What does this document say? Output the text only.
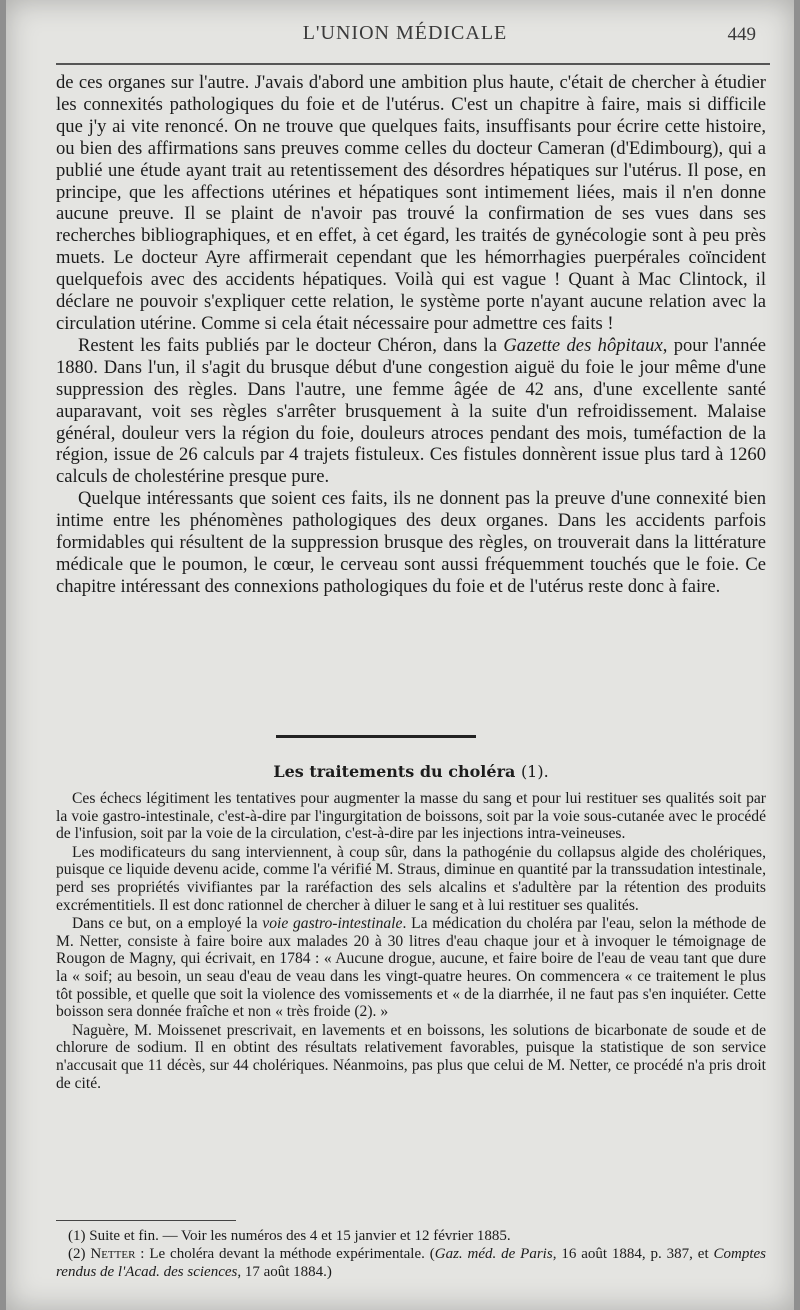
L'UNION MÉDICALE	449

de ces organes sur l'autre. J'avais d'abord une ambition plus haute, c'était de chercher à étudier les connexités pathologiques du foie et de l'utérus. C'est un chapitre à faire, mais si difficile que j'y ai vite renoncé. On ne trouve que quelques faits, insuffisants pour écrire cette histoire, ou bien des affirmations sans preuves comme celles du docteur Cameran (d'Edimbourg), qui a publié une étude ayant trait au retentissement des désordres hépatiques sur l'utérus. Il pose, en principe, que les affections utérines et hépatiques sont intimement liées, mais il n'en donne aucune preuve. Il se plaint de n'avoir pas trouvé la confirmation de ses vues dans ses recherches bibliographiques, et en effet, à cet égard, les traités de gynécologie sont à peu près muets. Le docteur Ayre affirmerait cependant que les hémorrhagies puerpérales coïncident quelquefois avec des accidents hépatiques. Voilà qui est vague ! Quant à Mac Clintock, il déclare ne pouvoir s'expliquer cette relation, le système porte n'ayant aucune relation avec la circulation utérine. Comme si cela était nécessaire pour admettre ces faits !

Restent les faits publiés par le docteur Chéron, dans la Gazette des hôpitaux, pour l'année 1880. Dans l'un, il s'agit du brusque début d'une congestion aiguë du foie le jour même d'une suppression des règles. Dans l'autre, une femme âgée de 42 ans, d'une excellente santé auparavant, voit ses règles s'arrêter brusquement à la suite d'un refroidissement. Malaise général, douleur vers la région du foie, douleurs atroces pendant des mois, tuméfaction de la région, issue de 26 calculs par 4 trajets fistuleux. Ces fistules donnèrent issue plus tard à 1260 calculs de cholestérine presque pure.

Quelque intéressants que soient ces faits, ils ne donnent pas la preuve d'une connexité bien intime entre les phénomènes pathologiques des deux organes. Dans les accidents parfois formidables qui résultent de la suppression brusque des règles, on trouverait dans la littérature médicale que le poumon, le cœur, le cerveau sont aussi fréquemment touchés que le foie. Ce chapitre intéressant des connexions pathologiques du foie et de l'utérus reste donc à faire.

Les traitements du choléra (1).

Ces échecs légitiment les tentatives pour augmenter la masse du sang et pour lui restituer ses qualités soit par la voie gastro-intestinale, c'est-à-dire par l'ingurgitation de boissons, soit par la voie sous-cutanée avec le procédé de l'infusion, soit par la voie de la circulation, c'est-à-dire par les injections intra-veineuses.

Les modificateurs du sang interviennent, à coup sûr, dans la pathogénie du collapsus algide des cholériques, puisque ce liquide devenu acide, comme l'a vérifié M. Straus, diminue en quantité par la transsudation intestinale, perd ses propriétés vivifiantes par la raréfaction des sels alcalins et s'adultère par la rétention des produits excrémentitiels. Il est donc rationnel de chercher à diluer le sang et à lui restituer ses qualités.

Dans ce but, on a employé la voie gastro-intestinale. La médication du choléra par l'eau, selon la méthode de M. Netter, consiste à faire boire aux malades 20 à 30 litres d'eau chaque jour et à invoquer le témoignage de Rougon de Magny, qui écrivait, en 1784 : « Aucune drogue, aucune, et faire boire de l'eau de veau tant que dure la « soif; au besoin, un seau d'eau de veau dans les vingt-quatre heures. On commencera « ce traitement le plus tôt possible, et quelle que soit la violence des vomissements et « de la diarrhée, il ne faut pas s'en inquiéter. Cette boisson sera donnée fraîche et non « très froide (2). »

Naguère, M. Moissenet prescrivait, en lavements et en boissons, les solutions de bicarbonate de soude et de chlorure de sodium. Il en obtint des résultats relativement favorables, puisque la statistique de son service n'accusait que 11 décès, sur 44 cholériques. Néanmoins, pas plus que celui de M. Netter, ce procédé n'a pris droit de cité.

(1) Suite et fin. — Voir les numéros des 4 et 15 janvier et 12 février 1885.

(2) Netter : Le choléra devant la méthode expérimentale. (Gaz. méd. de Paris, 16 août 1884, p. 387, et Comptes rendus de l'Acad. des sciences, 17 août 1884.)
